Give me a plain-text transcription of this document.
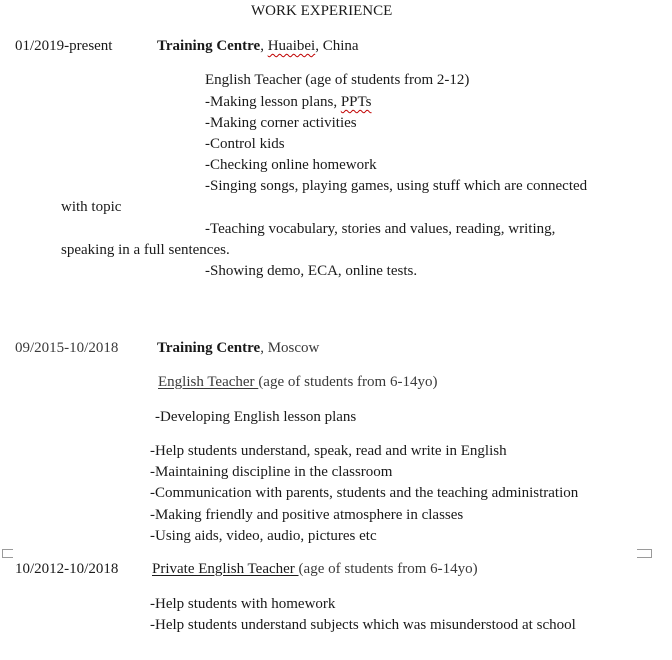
WORK EXPERIENCE
01/2019-present	Training Centre, Huaibei, China
English Teacher (age of students from 2-12)
-Making lesson plans, PPTs
-Making corner activities
-Control kids
-Checking online homework
-Singing songs, playing games, using stuff which are connected
with topic
-Teaching vocabulary, stories and values, reading, writing,
speaking in a full sentences.
-Showing demo, ECA, online tests.
09/2015-10/2018	Training Centre, Moscow
English Teacher (age of students from 6-14yo)
-Developing English lesson plans
-Help students understand, speak, read and write in English
-Maintaining discipline in the classroom
-Communication with parents, students and the teaching administration
-Making friendly and positive atmosphere in classes
-Using aids, video, audio, pictures etc
10/2012-10/2018 Private English Teacher (age of students from 6-14yo)
-Help students with homework
-Help students understand subjects which was misunderstood at school
